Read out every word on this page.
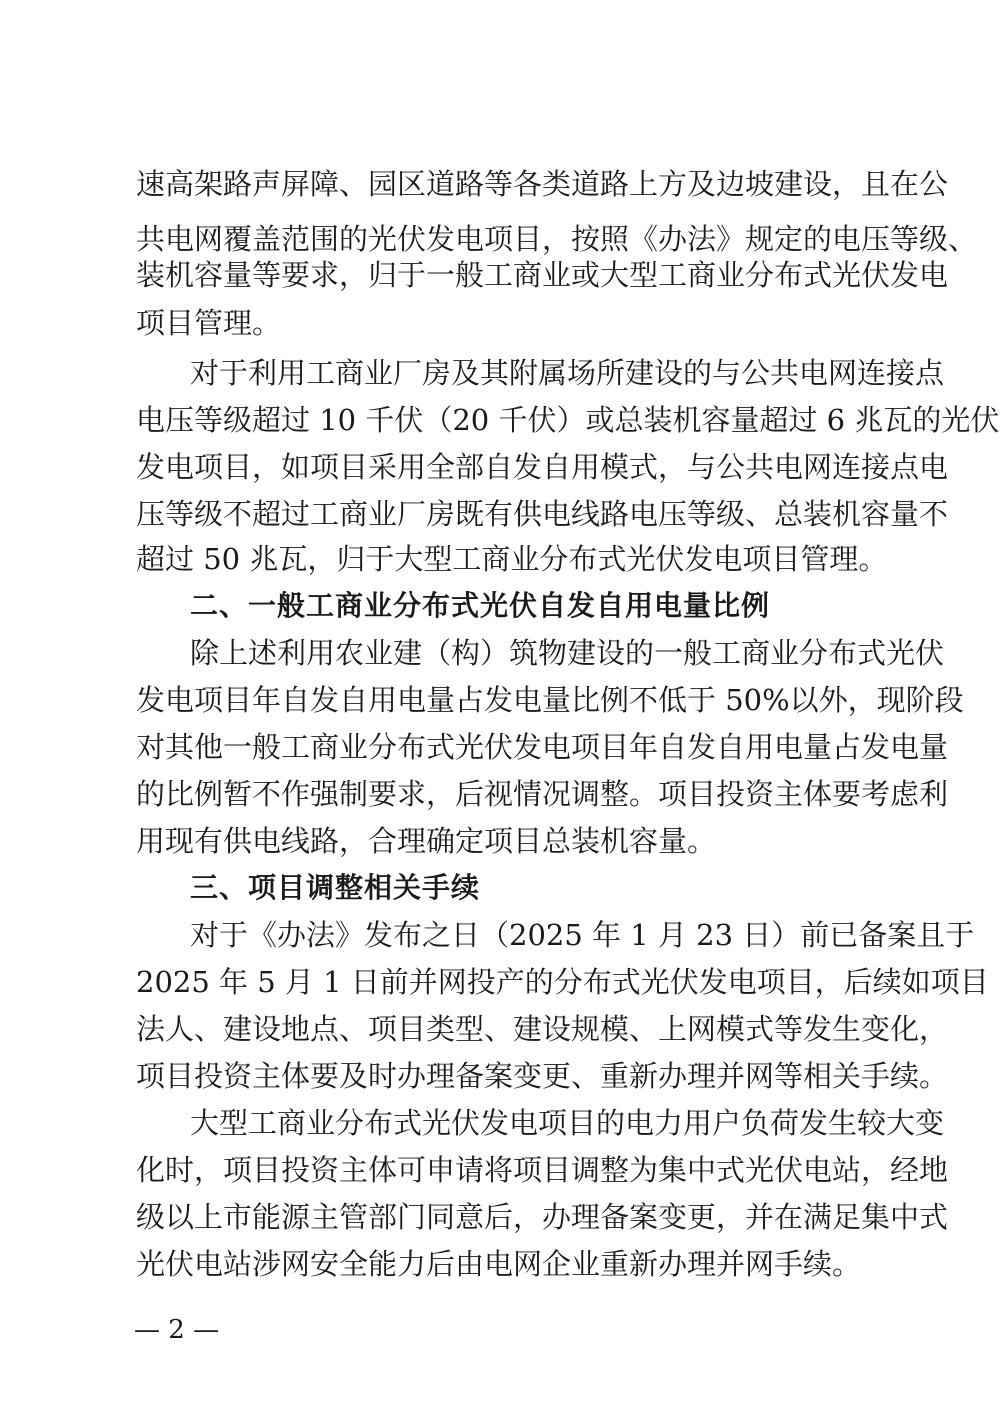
速高架路声屏障、园区道路等各类道路上方及边坡建设，且在公
共电网覆盖范围的光伏发电项目，按照《办法》规定的电压等级、
装机容量等要求，归于一般工商业或大型工商业分布式光伏发电
项目管理。
对于利用工商业厂房及其附属场所建设的与公共电网连接点
电压等级超过 10 千伏（20 千伏）或总装机容量超过 6 兆瓦的光伏
发电项目，如项目采用全部自发自用模式，与公共电网连接点电
压等级不超过工商业厂房既有供电线路电压等级、总装机容量不
超过 50 兆瓦，归于大型工商业分布式光伏发电项目管理。
二、一般工商业分布式光伏自发自用电量比例
除上述利用农业建（构）筑物建设的一般工商业分布式光伏
发电项目年自发自用电量占发电量比例不低于 50%以外，现阶段
对其他一般工商业分布式光伏发电项目年自发自用电量占发电量
的比例暂不作强制要求，后视情况调整。项目投资主体要考虑利
用现有供电线路，合理确定项目总装机容量。
三、项目调整相关手续
对于《办法》发布之日（2025 年 1 月 23 日）前已备案且于
2025 年 5 月 1 日前并网投产的分布式光伏发电项目，后续如项目
法人、建设地点、项目类型、建设规模、上网模式等发生变化，
项目投资主体要及时办理备案变更、重新办理并网等相关手续。
大型工商业分布式光伏发电项目的电力用户负荷发生较大变
化时，项目投资主体可申请将项目调整为集中式光伏电站，经地
级以上市能源主管部门同意后，办理备案变更，并在满足集中式
光伏电站涉网安全能力后由电网企业重新办理并网手续。
— 2 —
